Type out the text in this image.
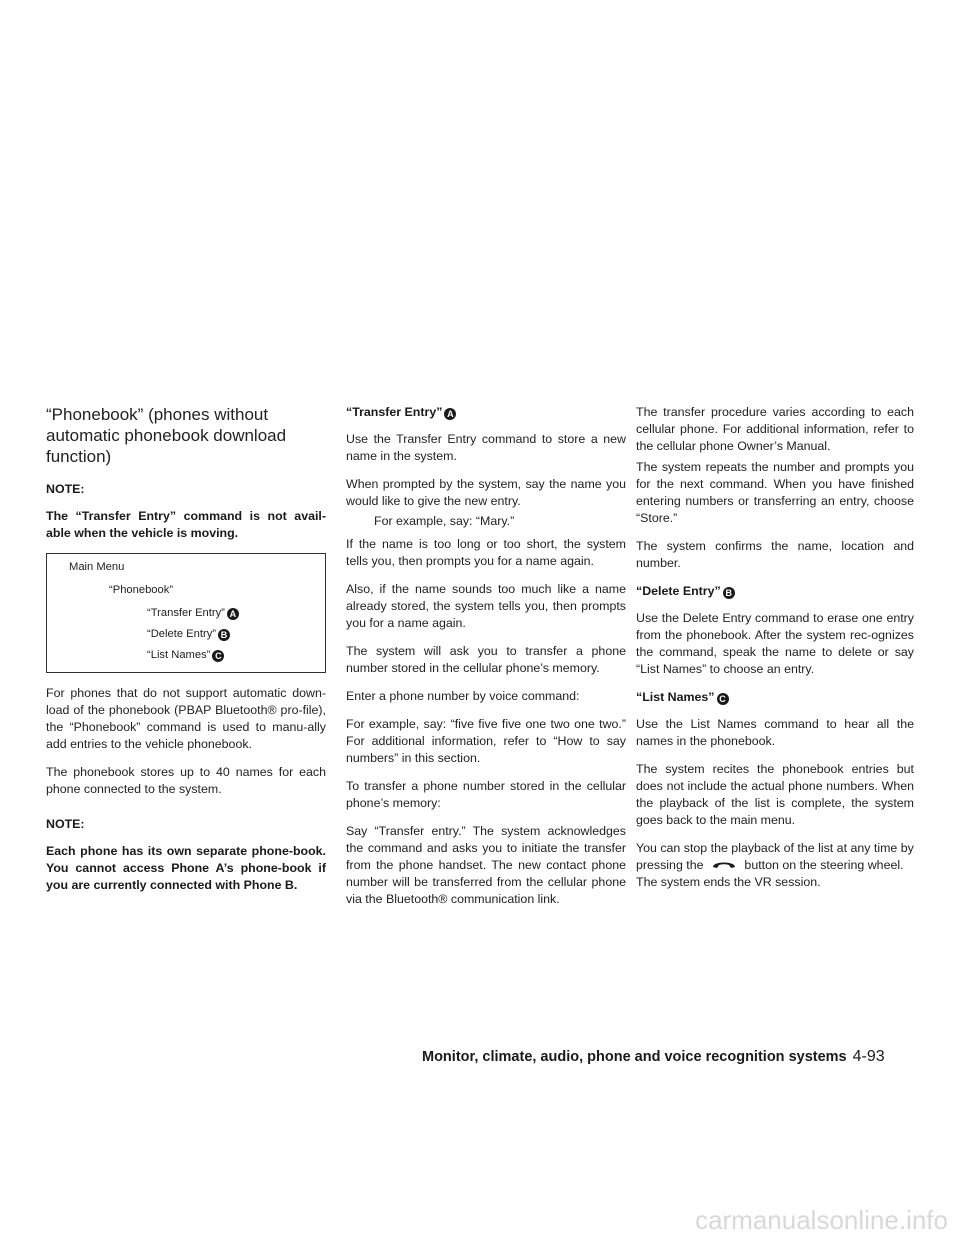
“Phonebook” (phones without automatic phonebook download function)
NOTE:
The “Transfer Entry” command is not avail-able when the vehicle is moving.
Main Menu
“Phonebook”
“Transfer Entry” A
“Delete Entry” B
“List Names” C
For phones that do not support automatic down-load of the phonebook (PBAP Bluetooth® pro-file), the “Phonebook” command is used to manu-ally add entries to the vehicle phonebook.
The phonebook stores up to 40 names for each phone connected to the system.
NOTE:
Each phone has its own separate phone-book. You cannot access Phone A’s phone-book if you are currently connected with Phone B.
“Transfer Entry” A
Use the Transfer Entry command to store a new name in the system.
When prompted by the system, say the name you would like to give the new entry.
For example, say: “Mary.”
If the name is too long or too short, the system tells you, then prompts you for a name again.
Also, if the name sounds too much like a name already stored, the system tells you, then prompts you for a name again.
The system will ask you to transfer a phone number stored in the cellular phone’s memory.
Enter a phone number by voice command:
For example, say: “five five five one two one two.” For additional information, refer to “How to say numbers” in this section.
To transfer a phone number stored in the cellular phone’s memory:
Say “Transfer entry.” The system acknowledges the command and asks you to initiate the transfer from the phone handset. The new contact phone number will be transferred from the cellular phone via the Bluetooth® communication link.
The transfer procedure varies according to each cellular phone. For additional information, refer to the cellular phone Owner’s Manual.
The system repeats the number and prompts you for the next command. When you have finished entering numbers or transferring an entry, choose “Store.”
The system confirms the name, location and number.
“Delete Entry” B
Use the Delete Entry command to erase one entry from the phonebook. After the system rec-ognizes the command, speak the name to delete or say “List Names” to choose an entry.
“List Names” C
Use the List Names command to hear all the names in the phonebook.
The system recites the phonebook entries but does not include the actual phone numbers. When the playback of the list is complete, the system goes back to the main menu.
You can stop the playback of the list at any time by pressing the	button on the steering wheel. The system ends the VR session.
Monitor, climate, audio, phone and voice recognition systems 4-93
carmanualsonline.info
